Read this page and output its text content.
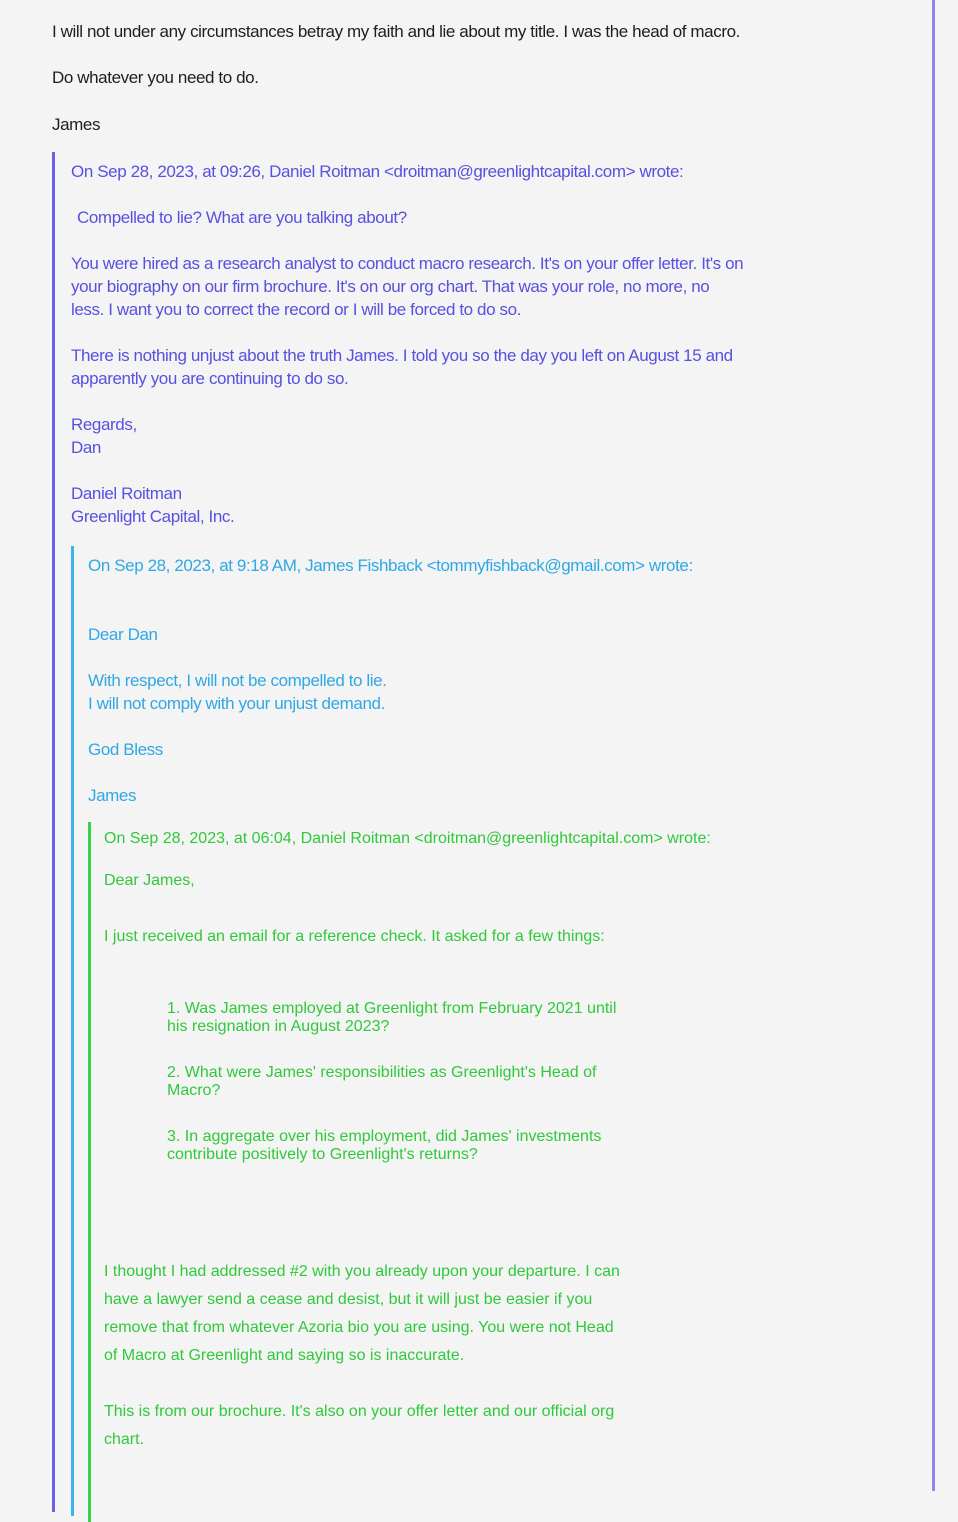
I will not under any circumstances betray my faith and lie about my title. I was the head of macro.

Do whatever you need to do.

James

On Sep 28, 2023, at 09:26, Daniel Roitman <droitman@greenlightcapital.com> wrote:

Compelled to lie? What are you talking about?

You were hired as a research analyst to conduct macro research. It's on your offer letter. It's on

your biography on our firm brochure. It's on our org chart. That was your role, no more, no

less. I want you to correct the record or I will be forced to do so.

There is nothing unjust about the truth James. I told you so the day you left on August 15 and

apparently you are continuing to do so.

Regards,

Dan

Daniel Roitman

Greenlight Capital, Inc.

On Sep 28, 2023, at 9:18 AM, James Fishback <tommyfishback@gmail.com> wrote:

Dear Dan

With respect, I will not be compelled to lie.

I will not comply with your unjust demand.

God Bless

James

On Sep 28, 2023, at 06:04, Daniel Roitman <droitman@greenlightcapital.com> wrote:

Dear James,

I just received an email for a reference check. It asked for a few things:

1. Was James employed at Greenlight from February 2021 until
his resignation in August 2023?
2. What were James' responsibilities as Greenlight's Head of
Macro?
3. In aggregate over his employment, did James' investments
contribute positively to Greenlight's returns?

I thought I had addressed #2 with you already upon your departure. I can

have a lawyer send a cease and desist, but it will just be easier if you

remove that from whatever Azoria bio you are using. You were not Head

of Macro at Greenlight and saying so is inaccurate.

This is from our brochure. It's also on your offer letter and our official org

chart.
